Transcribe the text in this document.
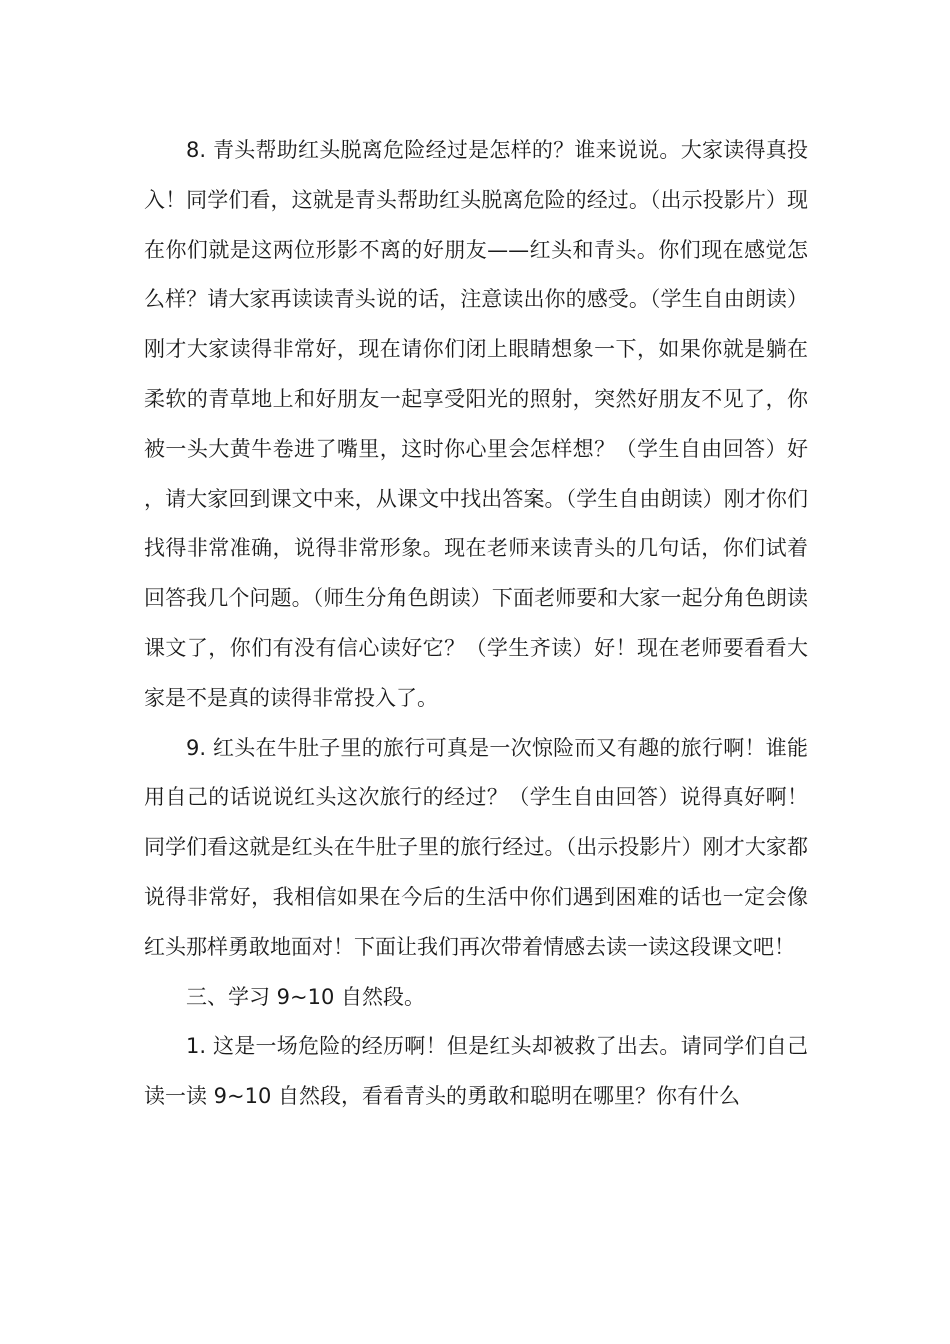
8. 青头帮助红头脱离危险经过是怎样的？谁来说说。大家读得真投入！同学们看，这就是青头帮助红头脱离危险的经过。（出示投影片）现在你们就是这两位形影不离的好朋友——红头和青头。你们现在感觉怎么样？请大家再读读青头说的话，注意读出你的感受。（学生自由朗读）刚才大家读得非常好，现在请你们闭上眼睛想象一下，如果你就是躺在柔软的青草地上和好朋友一起享受阳光的照射，突然好朋友不见了，你被一头大黄牛卷进了嘴里，这时你心里会怎样想？（学生自由回答）好，请大家回到课文中来，从课文中找出答案。（学生自由朗读）刚才你们找得非常准确，说得非常形象。现在老师来读青头的几句话，你们试着回答我几个问题。（师生分角色朗读）下面老师要和大家一起分角色朗读课文了，你们有没有信心读好它？（学生齐读）好！现在老师要看看大家是不是真的读得非常投入了。

9. 红头在牛肚子里的旅行可真是一次惊险而又有趣的旅行啊！谁能用自己的话说说红头这次旅行的经过？（学生自由回答）说得真好啊！同学们看这就是红头在牛肚子里的旅行经过。（出示投影片）刚才大家都说得非常好，我相信如果在今后的生活中你们遇到困难的话也一定会像红头那样勇敢地面对！下面让我们再次带着情感去读一读这段课文吧！

三、学习 9~10 自然段。

1. 这是一场危险的经历啊！但是红头却被救了出去。请同学们自己读一读 9~10 自然段，看看青头的勇敢和聪明在哪里？你有什么
